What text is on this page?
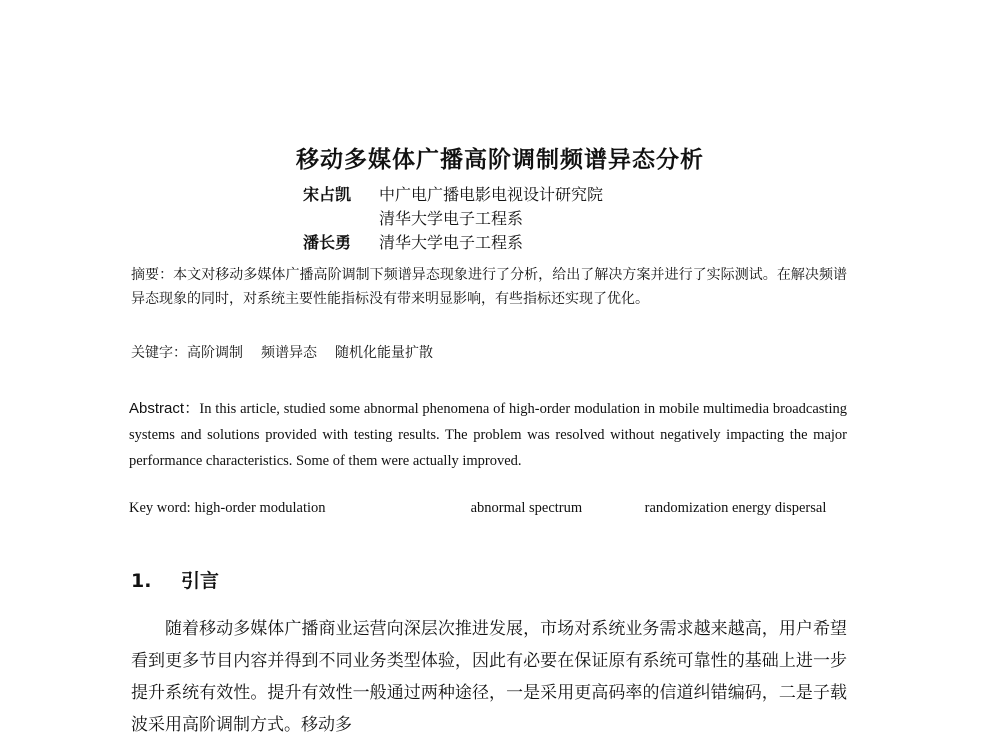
移动多媒体广播高阶调制频谱异态分析
宋占凯 中广电广播电影电视设计研究院
清华大学电子工程系
潘长勇 清华大学电子工程系

摘要：本文对移动多媒体广播高阶调制下频谱异态现象进行了分析，给出了解决方案并进行了实际测试。在解决频谱异态现象的同时，对系统主要性能指标没有带来明显影响，有些指标还实现了优化。

关键字：高阶调制 频谱异态 随机化能量扩散

Abstract：In this article, studied some abnormal phenomena of high-order modulation in mobile multimedia broadcasting systems and solutions provided with testing results. The problem was resolved without negatively impacting the major performance characteristics. Some of them were actually improved.

Key word: high-order modulation	abnormal spectrum	randomization energy dispersal

1. 引言

随着移动多媒体广播商业运营向深层次推进发展，市场对系统业务需求越来越高，用户希望看到更多节目内容并得到不同业务类型体验，因此有必要在保证原有系统可靠性的基础上进一步提升系统有效性。提升有效性一般通过两种途径，一是采用更高码率的信道纠错编码，二是子载波采用高阶调制方式。移动多
